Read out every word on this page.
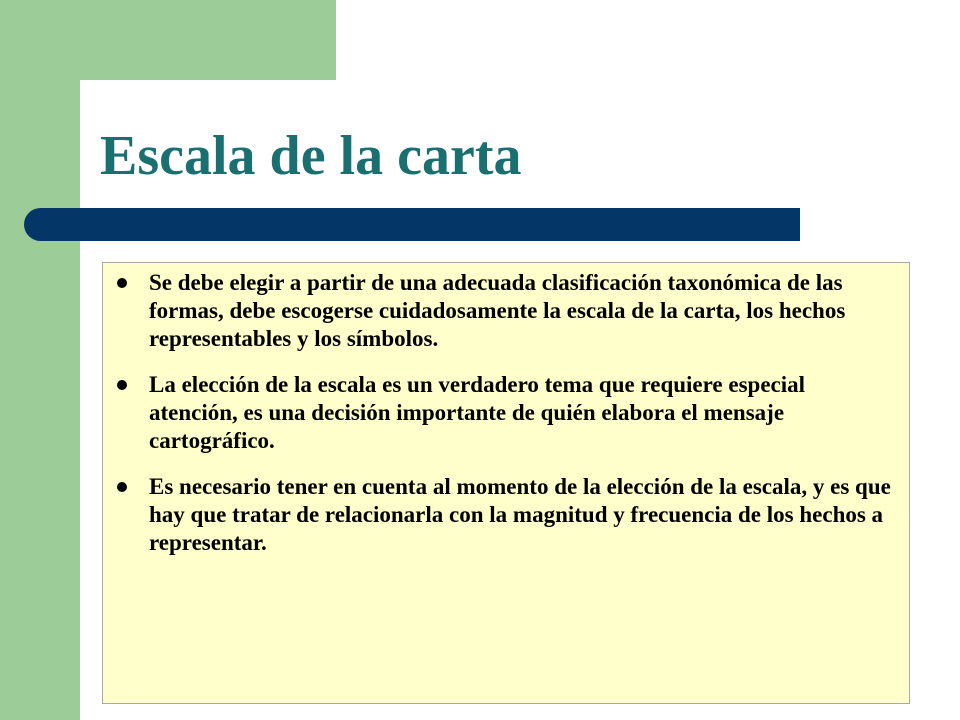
Escala de la carta
Se debe elegir a partir de una adecuada clasificación taxonómica de las formas, debe escogerse cuidadosamente la escala de la carta, los hechos representables y los símbolos.
La elección de la escala es un verdadero tema que requiere especial atención, es una decisión importante de quién elabora el mensaje cartográfico.
Es necesario tener en cuenta al momento de la elección de la escala, y es que hay que tratar de relacionarla con la magnitud y frecuencia de los hechos a representar.
